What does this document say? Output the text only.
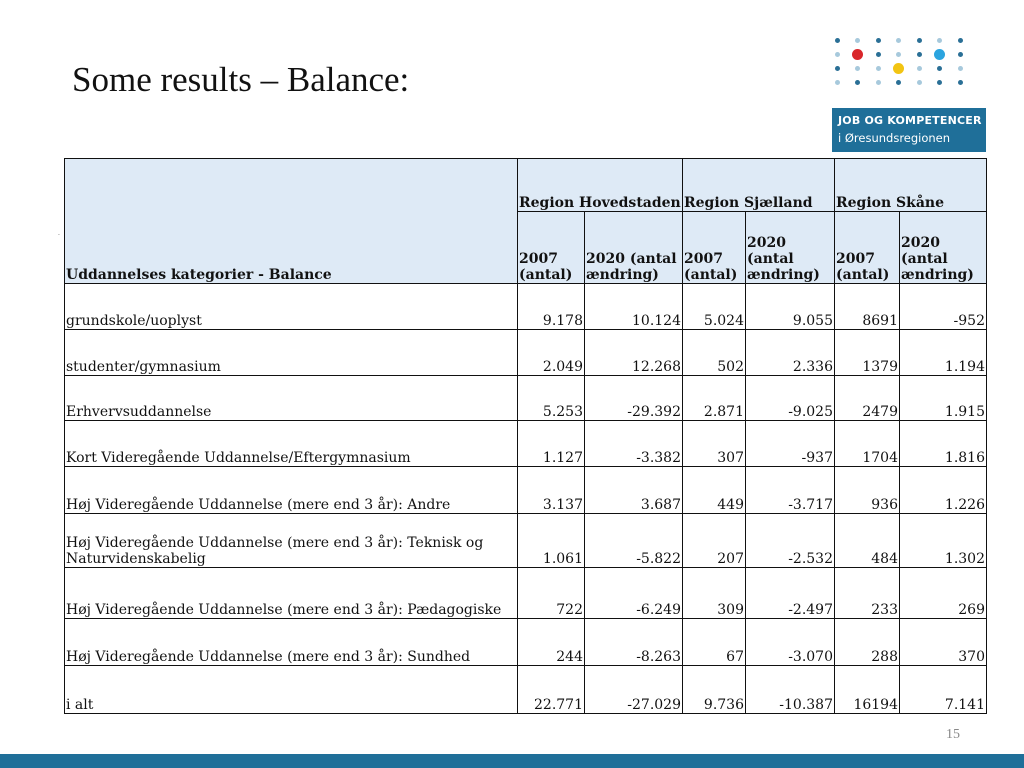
Some results – Balance:
JOB OG KOMPETENCER
i Øresundsregionen
.
Uddannelses kategorier - Balance	Region Hovedstaden		Region Sjælland		Region Skåne	
	2007 (antal)	2020 (antal ændring)	2007 (antal)	2020 (antal ændring)	2007 (antal)	2020 (antal ændring)
grundskole/uoplyst	9.178	10.124	5.024	9.055	8691	-952
studenter/gymnasium	2.049	12.268	502	2.336	1379	1.194
Erhvervsuddannelse	5.253	-29.392	2.871	-9.025	2479	1.915
Kort Videregående Uddannelse/Eftergymnasium	1.127	-3.382	307	-937	1704	1.816
Høj Videregående Uddannelse (mere end 3 år): Andre	3.137	3.687	449	-3.717	936	1.226
Høj Videregående Uddannelse (mere end 3 år): Teknisk og Naturvidenskabelig	1.061	-5.822	207	-2.532	484	1.302
Høj Videregående Uddannelse (mere end 3 år): Pædagogiske	722	-6.249	309	-2.497	233	269
Høj Videregående Uddannelse (mere end 3 år): Sundhed	244	-8.263	67	-3.070	288	370
i alt	22.771	-27.029	9.736	-10.387	16194	7.141
15
